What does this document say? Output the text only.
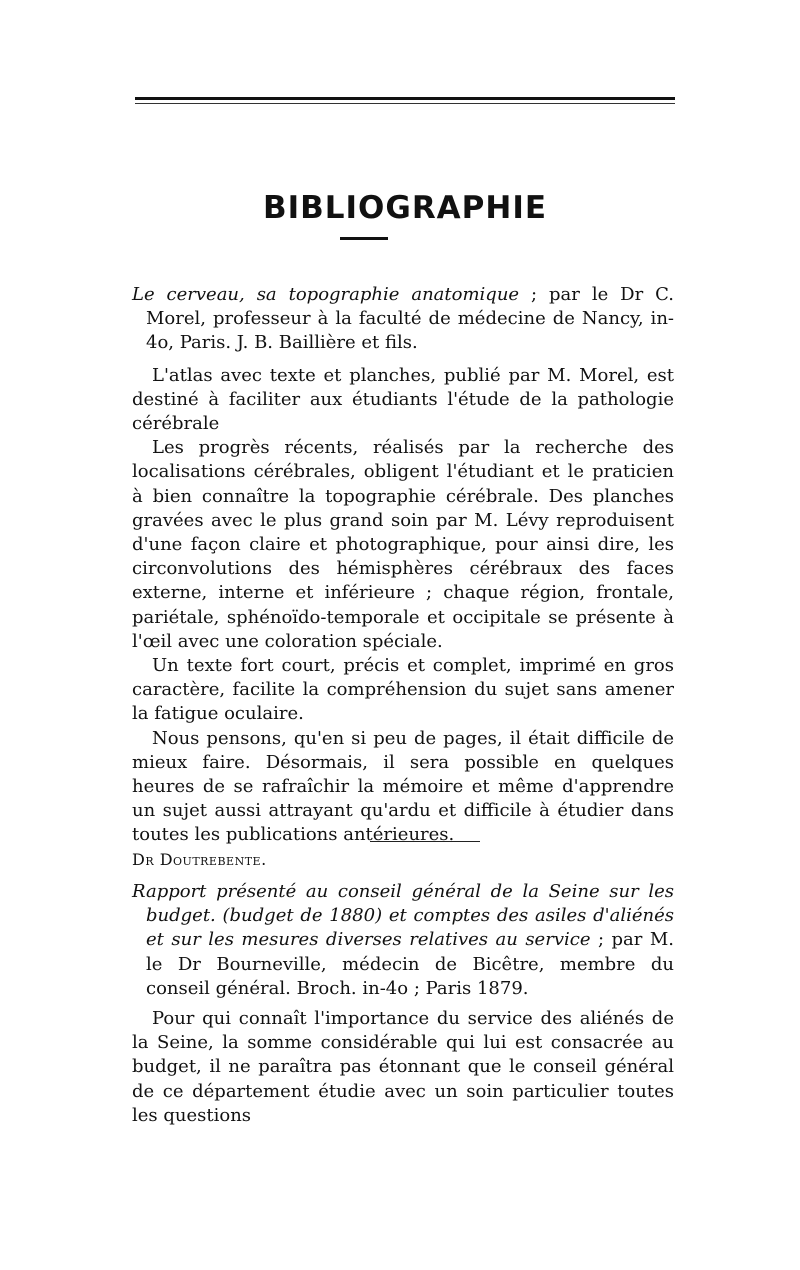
BIBLIOGRAPHIE

Le cerveau, sa topographie anatomique ; par le Dr C. Morel, professeur à la faculté de médecine de Nancy, in-4o, Paris. J. B. Baillière et fils.

L'atlas avec texte et planches, publié par M. Morel, est destiné à faciliter aux étudiants l'étude de la pathologie cérébrale

Les progrès récents, réalisés par la recherche des localisations cérébrales, obligent l'étudiant et le praticien à bien connaître la topographie cérébrale. Des planches gravées avec le plus grand soin par M. Lévy reproduisent d'une façon claire et photographique, pour ainsi dire, les circonvolutions des hémisphères cérébraux des faces externe, interne et inférieure ; chaque région, frontale, pariétale, sphénoïdo-temporale et occipitale se présente à l'œil avec une coloration spéciale.

Un texte fort court, précis et complet, imprimé en gros caractère, facilite la compréhension du sujet sans amener la fatigue oculaire.

Nous pensons, qu'en si peu de pages, il était difficile de mieux faire. Désormais, il sera possible en quelques heures de se rafraîchir la mémoire et même d'apprendre un sujet aussi attrayant qu'ardu et difficile à étudier dans toutes les publications antérieures.

Dr Doutrebente.

Rapport présenté au conseil général de la Seine sur les budget. (budget de 1880) et comptes des asiles d'aliénés et sur les mesures diverses relatives au service ; par M. le Dr Bourneville, médecin de Bicêtre, membre du conseil général. Broch. in-4o ; Paris 1879.

Pour qui connaît l'importance du service des aliénés de la Seine, la somme considérable qui lui est consacrée au budget, il ne paraîtra pas étonnant que le conseil général de ce département étudie avec un soin particulier toutes les questions
